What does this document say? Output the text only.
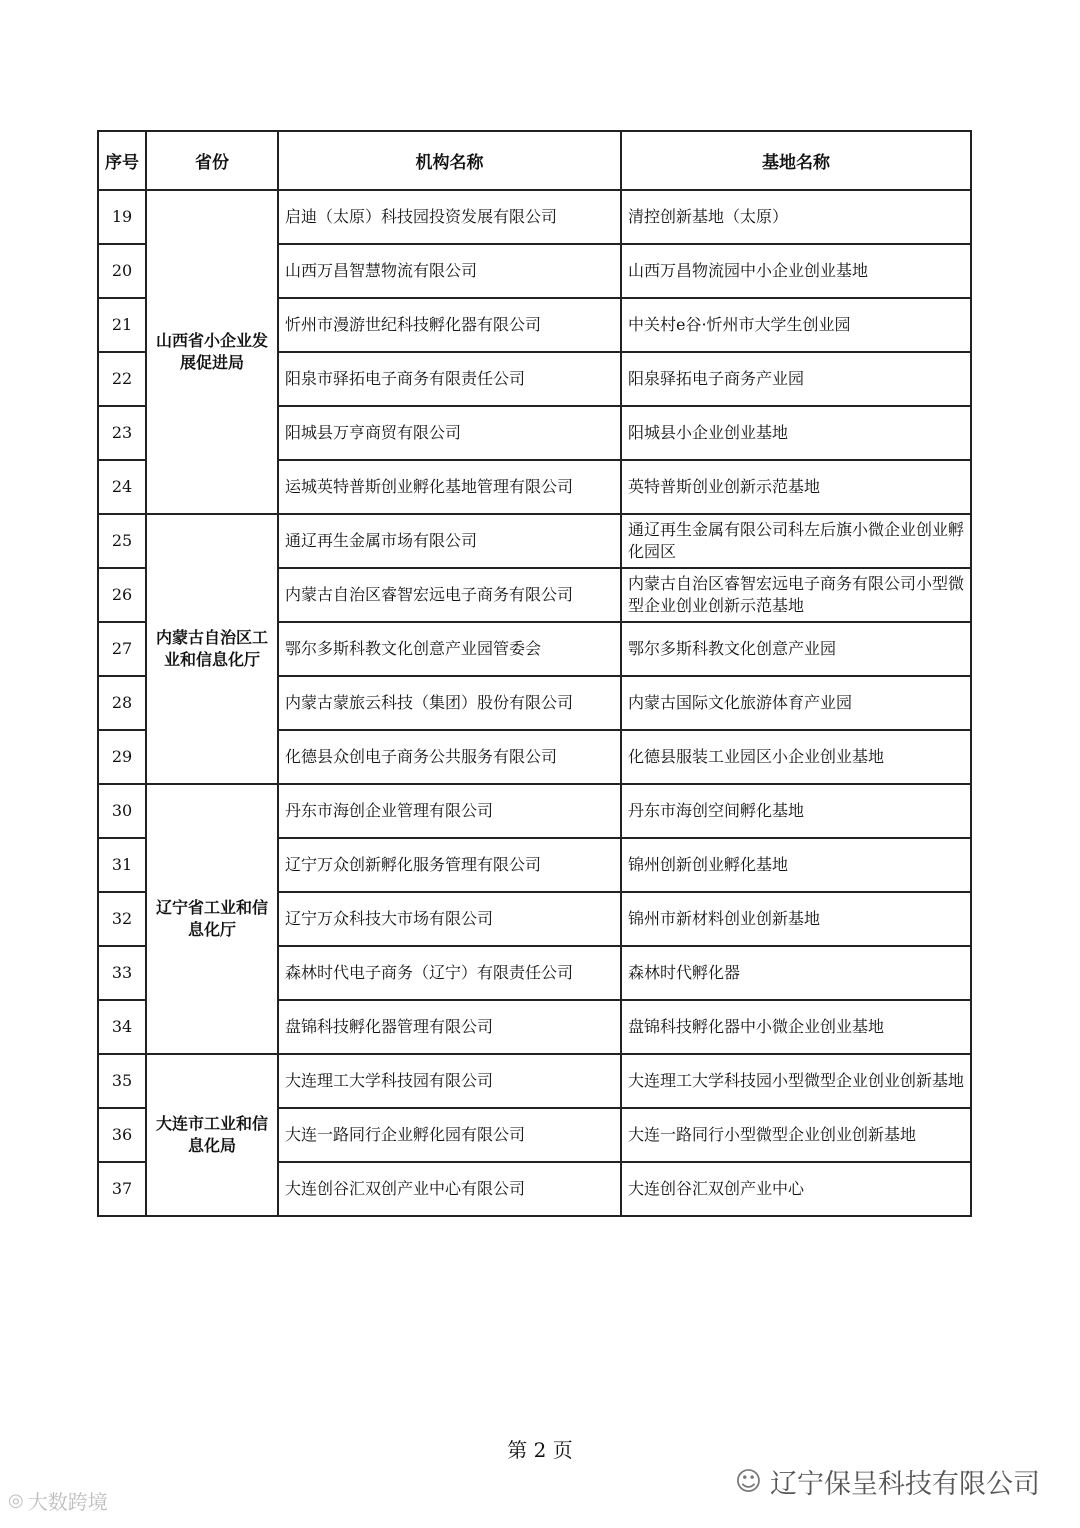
序号	省份	机构名称	基地名称
19	山西省小企业发展促进局	启迪（太原）科技园投资发展有限公司	清控创新基地（太原）
20		山西万昌智慧物流有限公司	山西万昌物流园中小企业创业基地
21		忻州市漫游世纪科技孵化器有限公司	中关村e谷·忻州市大学生创业园
22		阳泉市驿拓电子商务有限责任公司	阳泉驿拓电子商务产业园
23		阳城县万亨商贸有限公司	阳城县小企业创业基地
24		运城英特普斯创业孵化基地管理有限公司	英特普斯创业创新示范基地
25	内蒙古自治区工业和信息化厅	通辽再生金属市场有限公司	通辽再生金属有限公司科左后旗小微企业创业孵化园区
26		内蒙古自治区睿智宏远电子商务有限公司	内蒙古自治区睿智宏远电子商务有限公司小型微型企业创业创新示范基地
27		鄂尔多斯科教文化创意产业园管委会	鄂尔多斯科教文化创意产业园
28		内蒙古蒙旅云科技（集团）股份有限公司	内蒙古国际文化旅游体育产业园
29		化德县众创电子商务公共服务有限公司	化德县服装工业园区小企业创业基地
30	辽宁省工业和信息化厅	丹东市海创企业管理有限公司	丹东市海创空间孵化基地
31		辽宁万众创新孵化服务管理有限公司	锦州创新创业孵化基地
32		辽宁万众科技大市场有限公司	锦州市新材料创业创新基地
33		森林时代电子商务（辽宁）有限责任公司	森林时代孵化器
34		盘锦科技孵化器管理有限公司	盘锦科技孵化器中小微企业创业基地
35	大连市工业和信息化局	大连理工大学科技园有限公司	大连理工大学科技园小型微型企业创业创新基地
36		大连一路同行企业孵化园有限公司	大连一路同行小型微型企业创业创新基地
37		大连创谷汇双创产业中心有限公司	大连创谷汇双创产业中心
第 2 页
◎ 大数跨境
☺ 辽宁保呈科技有限公司
